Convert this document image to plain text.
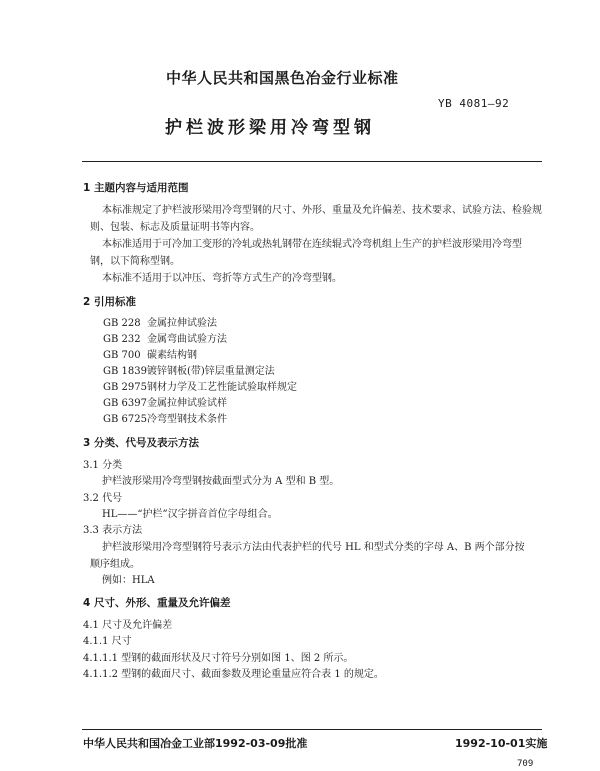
中华人民共和国黑色冶金行业标准
YB 4081—92
护栏波形梁用冷弯型钢
1 主题内容与适用范围
本标准规定了护栏波形梁用冷弯型钢的尺寸、外形、重量及允许偏差、技术要求、试验方法、检验规
则、包装、标志及质量证明书等内容。
本标准适用于可冷加工变形的冷轧或热轧钢带在连续辊式冷弯机组上生产的护栏波形梁用冷弯型
钢，以下简称型钢。
本标准不适用于以冲压、弯折等方式生产的冷弯型钢。
2 引用标准
GB 228 金属拉伸试验法
GB 232 金属弯曲试验方法
GB 700 碳素结构钢
GB 1839镀锌钢板(带)锌层重量测定法
GB 2975钢材力学及工艺性能试验取样规定
GB 6397金属拉伸试验试样
GB 6725冷弯型钢技术条件
3 分类、代号及表示方法
3.1 分类
护栏波形梁用冷弯型钢按截面型式分为 A 型和 B 型。
3.2 代号
HL——“护栏”汉字拼音首位字母组合。
3.3 表示方法
护栏波形梁用冷弯型钢符号表示方法由代表护栏的代号 HL 和型式分类的字母 A、B 两个部分按
顺序组成。
例如：HLA
4 尺寸、外形、重量及允许偏差
4.1 尺寸及允许偏差
4.1.1 尺寸
4.1.1.1 型钢的截面形状及尺寸符号分别如图 1、图 2 所示。
4.1.1.2 型钢的截面尺寸、截面参数及理论重量应符合表 1 的规定。
中华人民共和国冶金工业部1992-03-09批准	1992-10-01实施
709
